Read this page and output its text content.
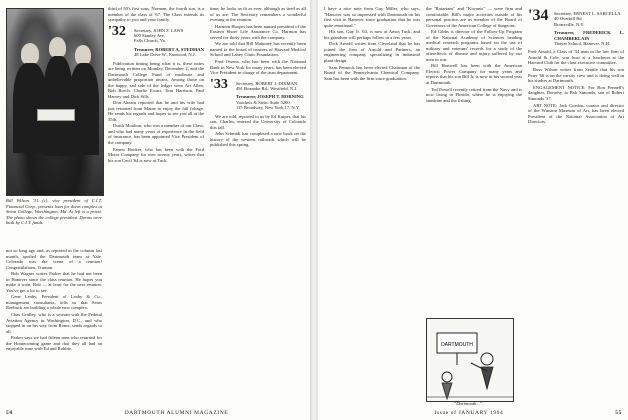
Bill Wilson '31 (c), vice president of C.I.T. Financial Corp., presents loan for dorm complex at Seton College, Worthington, Md. At left is a priest. The photo shows the college president. Dorms were built by C.I.T. funds.

not so long ago and, as reported in the column last month, spoiled the Dartmouth team at Yale. Colorado was the scene of a reunion! Congratulations, Truman.

Bob Wagner writes Parker that he had not been in Hanover since the class reunion. He hopes you make it soon, Bob — at least for the next reunion. You've got a lot to see.

Gene Leahy, President of Leahy & Co., management consultants, tells us that Sears Roebuck are building a whole new complex.

Chas Gridley, who is a veteran with the Federal Aviation Agency in Washington, D.C., and who stopped in on his way from Rome, sends regards to all.

Parker says we had fifteen men who returned for the Homecoming game and that they all had an enjoyable time with Ed and Robbie.

third of 50's first sons. Norman, the fourth son, is a member of the class of '67. The Class extends its sympathy to you and your family.

'32	Secretary, JOHN F. LAWS
600 Stanley Ave.
Falls Church, Va.
Treasurer, ROBERT A. STEDMAN
48 Lake Drive W., Fanwood, N.J.

Publication timing being what it is, these notes are being written on Monday, December 2, and the Dartmouth College Fund of moderate and unbelievable proportion awaits. Among those on the happy, sad side of the ledger were Art Allen, Bob Borch, Charlie Ewart, Tom Harrison, Paul Harvey and Dick Sills.

Don Ahearn reported that he and his wife had just returned from Maine to enjoy the fall foliage. He sends his regards and hopes to see you all at the 35th.

Dutch Moulton, who was a member of our Class, and who had many years of experience in the field of insurance, has been appointed Vice President of the company.

Ernest Hooker, who has been with the Ford Motor Company for over twenty years, writes that his son Cecil '64 is now at Tuck.

time; he looks as fit as ever, although as tired as all of us are. The Secretary remembers a wonderful evening at the reunion.

Harmon Hooper has been named president of the Eastern Shore Life Assurance Co. Harmon has served for thirty years with the company.

We are told that Bill Mahoney has recently been named to the board of trustees of Harvard Medical School and Lahey Clinic Foundation.

Fred Owens, who has been with the National Bank in New York for many years, has been elected Vice President in charge of the trust department.

'33	Secretary, ROBERT J. DIXMAN
491 Roanoke Rd., Westfield, N.J.
Treasurer, JOSEPH T. HORNING
Voorheis & Stein, Suite 5200
115 Broadway, New York 17, N.Y.

We are told, reported to us by Ed Kuiper, that his son, Charles, entered the University of Colorado this fall.

John Schmidt has completed a new book on the history of the western railroads which will be published this spring.

54	DARTMOUTH ALUMNI MAGAZINE

I have a nice note from Guy Miller, who says, "Hanover was so impressed with Dartmouth on his first visit to Hanover since graduation that he was quite emotional."

His son, Guy Jr. '63, is now at Amos Tuck, and his grandson will perhaps follow in a few years.

Dick Arnold writes from Cleveland that he has joined the firm of Arnold and Partners, an engineering company specializing in industrial plant design.

Sam Pennock has been elected Chairman of the Board of the Pennsylvania Chemical Company. Sam has been with the firm since graduation.

the "Rotarians" and "Kiwanis" — were firm and comfortable. Bill's major activities outside of his personal practice are as member of the Board of Governors of the American College of Surgeons.

Ed Gibbs is director of the Follow-Up Program of the National Academy of Sciences heading medical research programs based on the use of military and veterans' records for a study of the aftereffects of disease and injury suffered by our men in war.

Bill Hartwell has been with the American Electric Power Company for many years and reports that his son Bill Jr. is now in his second year at Dartmouth.

Ted Powell recently retired from the Navy and is now living in Florida, where he is enjoying the sunshine and the fishing.

DARTMOUTH
"Dartmouth..."
'34	Secretary, ERNEST L. SARCELLA
40 Overhill Rd.
Bronxville, N.Y.
Treasurer, FREDERICK L. CHAMBERLAIN
Thayer School, Hanover, N.H.

Fred Arnold, a Class of '34 man in the law firm of Arnold & Cole, was host at a luncheon at the Harvard Club for the class executive committee.

Russ Wilson writes from Seattle that his son Peter '66 is on the varsity crew and is doing well in his studies at Dartmouth.

ENGAGEMENT NOTICE: For Ron Fennell's daughter, Dorothy, to Bob Simonds, son of Robert Simonds '37.

ART NOTE: Jack Gordon, curator and director of the Winston Museum of Art, has been elected President of the National Association of Art Directors.

Issue of JANUARY 1964	55
